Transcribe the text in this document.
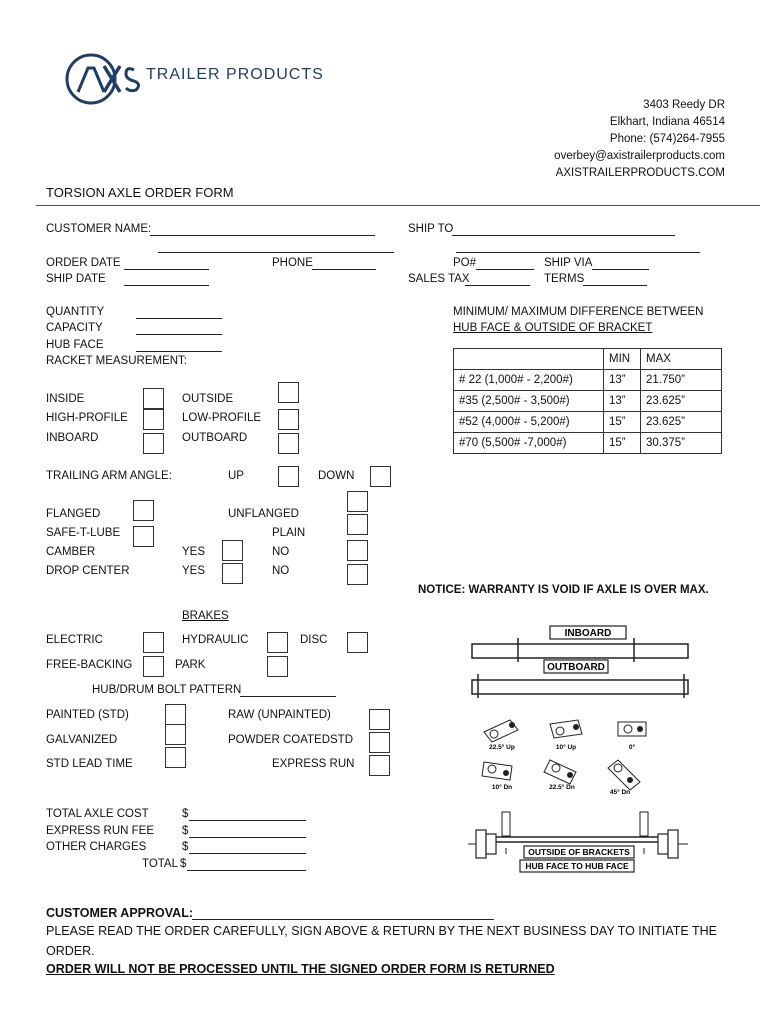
TRAILER PRODUCTS
3403 Reedy DR
Elkhart, Indiana 46514
Phone: (574)264-7955
overbey@axistrailerproducts.com
AXISTRAILERPRODUCTS.COM
TORSION AXLE ORDER FORM
CUSTOMER NAME:	SHIP TO
ORDER DATE	PHONE	PO#	SHIP VIA
SHIP DATE	SALES TAX	TERMS
QUANTITY
CAPACITY
HUB FACE
RACKET MEASUREMENT:
MINIMUM/ MAXIMUM DIFFERENCE BETWEEN
HUB FACE & OUTSIDE OF BRACKET
	MIN	MAX
# 22 (1,000# - 2,200#)	13”	21.750”
#35 (2,500# - 3,500#)	13”	23.625”
#52 (4,000# - 5,200#)	15”	23.625”
#70 (5,500# -7,000#)	15”	30.375”
INSIDE	OUTSIDE
HIGH-PROFILE	LOW-PROFILE
INBOARD	OUTBOARD
TRAILING ARM ANGLE:	UP	DOWN
FLANGED	UNFLANGED
SAFE-T-LUBE	PLAIN
CAMBER	YES	NO
DROP CENTER	YES	NO
NOTICE: WARRANTY IS VOID IF AXLE IS OVER MAX.
BRAKES
ELECTRIC	HYDRAULIC	DISC
FREE-BACKING	PARK
HUB/DRUM BOLT PATTERN
PAINTED (STD)	RAW (UNPAINTED)
GALVANIZED	POWDER COATEDSTD
STD LEAD TIME	EXPRESS RUN
TOTAL AXLE COST	$
EXPRESS RUN FEE $
OTHER CHARGES	$
TOTAL $
INBOARD
OUTBOARD
22.5° Up	10° Up	0°
10° Dn	22.5° Dn
45° Dn
OUTSIDE OF BRACKETS
HUB FACE TO HUB FACE
CUSTOMER APPROVAL:
PLEASE READ THE ORDER CAREFULLY, SIGN ABOVE & RETURN BY THE NEXT BUSINESS DAY TO INITIATE THE
ORDER.
ORDER WILL NOT BE PROCESSED UNTIL THE SIGNED ORDER FORM IS RETURNED
